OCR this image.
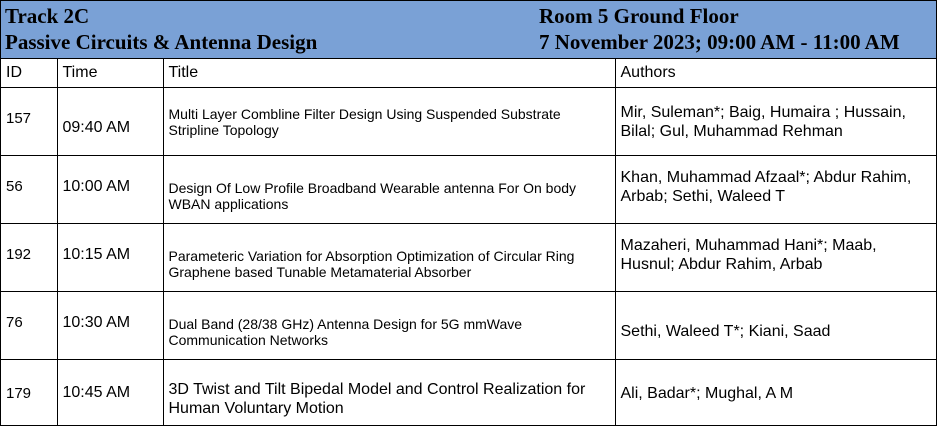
Track 2C
Passive Circuits & Antenna Design
Room 5 Ground Floor
7 November 2023; 09:00 AM - 11:00 AM
ID	Time	Title	Authors
157	09:40 AM	Multi Layer Combline Filter Design Using Suspended Substrate Stripline Topology	Mir, Suleman*; Baig, Humaira ; Hussain, Bilal; Gul, Muhammad Rehman
56	10:00 AM	Design Of Low Profile Broadband Wearable antenna For On body WBAN applications	Khan, Muhammad Afzaal*; Abdur Rahim, Arbab; Sethi, Waleed T

192	10:15 AM	Parameteric Variation for Absorption Optimization of Circular Ring Graphene based Tunable Metamaterial Absorber	Mazaheri, Muhammad Hani*; Maab, Husnul; Abdur Rahim, Arbab

76	10:30 AM	Dual Band (28/38 GHz) Antenna Design for 5G mmWave Communication Networks	Sethi, Waleed T*; Kiani, Saad

179	10:45 AM	3D Twist and Tilt Bipedal Model and Control Realization for Human Voluntary Motion	Ali, Badar*; Mughal, A M
